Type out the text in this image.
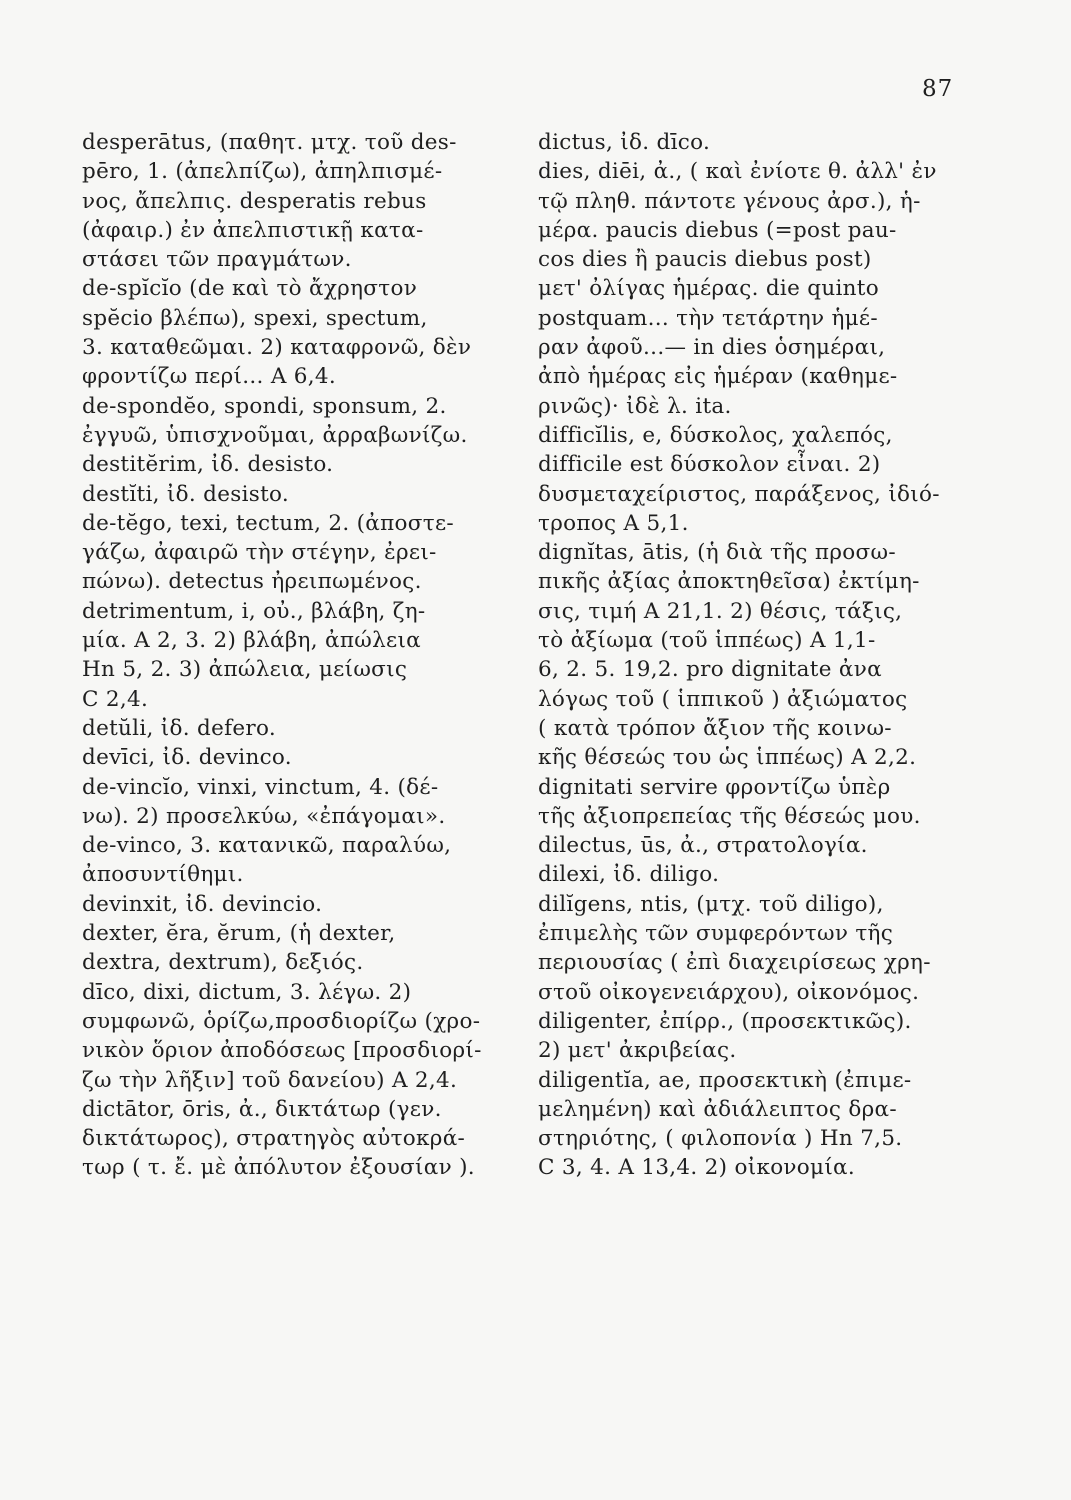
87
desperātus, (παθητ. μτχ. τοῦ des-
pēro, 1. (ἀπελπίζω), ἀπηλπισμέ-
νος, ἄπελπις. desperatis rebus
(ἀφαιρ.) ἐν ἀπελπιστικῇ κατα-
στάσει τῶν πραγμάτων.
de-spĭcĭo (de καὶ τὸ ἄχρηστον
spĕcio βλέπω), spexi, spectum,
3. καταθεῶμαι. 2) καταφρονῶ, δὲν
φροντίζω περί... A 6,4.
de-spondĕo, spondi, sponsum, 2.
ἐγγυῶ, ὑπισχνοῦμαι, ἀρραβωνίζω.
destitĕrim, ἰδ. desisto.
destĭti, ἰδ. desisto.
de-tĕgo, texi, tectum, 2. (ἀποστε-
γάζω, ἀφαιρῶ τὴν στέγην, ἐρει-
πώνω). detectus ἠρειπωμένος.
detrimentum, i, οὐ., βλάβη, ζη-
μία. A 2, 3. 2) βλάβη, ἀπώλεια
Hn 5, 2. 3) ἀπώλεια, μείωσις
C 2,4.
detŭli, ἰδ. defero.
devīci, ἰδ. devinco.
de-vincĭo, vinxi, vinctum, 4. (δέ-
νω). 2) προσελκύω, «ἐπάγομαι».
de-vinco, 3. κατανικῶ, παραλύω,
ἀποσυντίθημι.
devinxit, ἰδ. devincio.
dexter, ĕra, ĕrum, (ἡ dexter,
dextra, dextrum), δεξιός.
dīco, dixi, dictum, 3. λέγω. 2)
συμφωνῶ, ὁρίζω,προσδιορίζω (χρο-
νικὸν ὅριον ἀποδόσεως [προσδιορί-
ζω τὴν λῆξιν] τοῦ δανείου) A 2,4.
dictātor, ōris, ἀ., δικτάτωρ (γεν.
δικτάτωρος), στρατηγὸς αὐτοκρά-
τωρ ( τ. ἔ. μὲ ἀπόλυτον ἐξουσίαν ).
dictus, ἰδ. dīco.
dies, diēi, ἀ., ( καὶ ἐνίοτε θ. ἀλλ' ἐν
τῷ πληθ. πάντοτε γένους ἀρσ.), ἡ-
μέρα. paucis diebus (=post pau-
cos dies ἢ paucis diebus post)
μετ' ὀλίγας ἡμέρας. die quinto
postquam... τὴν τετάρτην ἡμέ-
ραν ἀφοῦ...— in dies ὁσημέραι,
ἀπὸ ἡμέρας εἰς ἡμέραν (καθημε-
ρινῶς)· ἰδὲ λ. ita.
difficĭlis, e, δύσκολος, χαλεπός,
difficile est δύσκολον εἶναι. 2)
δυσμεταχείριστος, παράξενος, ἰδιό-
τροπος A 5,1.
dignĭtas, ātis, (ἡ διὰ τῆς προσω-
πικῆς ἀξίας ἀποκτηθεῖσα) ἐκτίμη-
σις, τιμή A 21,1. 2) θέσις, τάξις,
τὸ ἀξίωμα (τοῦ ἱππέως) A 1,1-
6, 2. 5. 19,2. pro dignitate ἀνα
λόγως τοῦ ( ἱππικοῦ ) ἀξιώματος
( κατὰ τρόπον ἄξιον τῆς κοινω-
κῆς θέσεώς του ὡς ἱππέως) A 2,2.
dignitati servire φροντίζω ὑπὲρ
τῆς ἀξιοπρεπείας τῆς θέσεώς μου.
dilectus, ūs, ἀ., στρατολογία.
dilexi, ἰδ. diligo.
dilĭgens, ntis, (μτχ. τοῦ diligo),
ἐπιμελὴς τῶν συμφερόντων τῆς
περιουσίας ( ἐπὶ διαχειρίσεως χρη-
στοῦ οἰκογενειάρχου), οἰκονόμος.
diligenter, ἐπίρρ., (προσεκτικῶς).
2) μετ' ἀκριβείας.
diligentĭa, ae, προσεκτικὴ (ἐπιμε-
μελημένη) καὶ ἀδιάλειπτος δρα-
στηριότης, ( φιλοπονία ) Hn 7,5.
C 3, 4. A 13,4. 2) οἰκονομία.
